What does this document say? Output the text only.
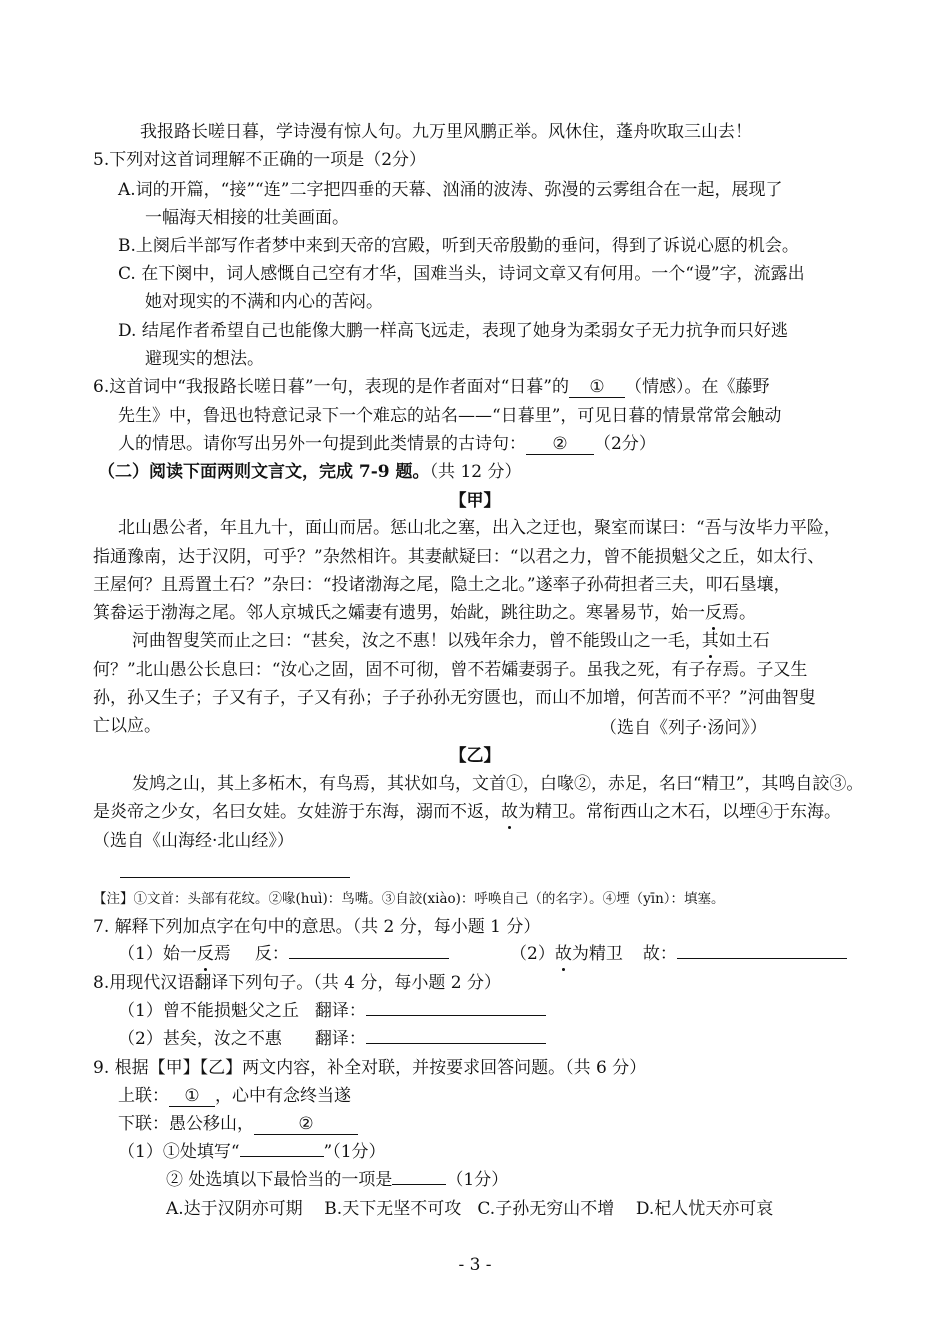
我报路长嗟日暮，学诗漫有惊人句。九万里风鹏正举。风休住，蓬舟吹取三山去！
5.下列对这首词理解不正确的一项是（2分）
A.词的开篇，“接”“连”二字把四垂的天幕、汹涌的波涛、弥漫的云雾组合在一起，展现了
一幅海天相接的壮美画面。
B.上阕后半部写作者梦中来到天帝的宫殿，听到天帝殷勤的垂问，得到了诉说心愿的机会。
C. 在下阕中，词人感慨自己空有才华，国难当头，诗词文章又有何用。一个“谩”字，流露出
她对现实的不满和内心的苦闷。
D. 结尾作者希望自己也能像大鹏一样高飞远走，表现了她身为柔弱女子无力抗争而只好逃
避现实的想法。
6.这首词中“我报路长嗟日暮”一句，表现的是作者面对“日暮”的 ① （情感）。在《藤野
先生》中，鲁迅也特意记录下一个难忘的站名——“日暮里”，可见日暮的情景常常会触动
人的情思。请你写出另外一句提到此类情景的古诗句： ② （2分）
（二）阅读下面两则文言文，完成 7-9 题。（共 12 分）
【甲】
北山愚公者，年且九十，面山而居。惩山北之塞，出入之迂也，聚室而谋曰：“吾与汝毕力平险，
指通豫南，达于汉阴，可乎？”杂然相许。其妻献疑曰：“以君之力，曾不能损魁父之丘，如太行、
王屋何？且焉置土石？”杂曰：“投诸渤海之尾，隐土之北。”遂率子孙荷担者三夫，叩石垦壤，
箕畚运于渤海之尾。邻人京城氏之孀妻有遗男，始龀，跳往助之。寒暑易节，始一反焉。
河曲智叟笑而止之曰：“甚矣，汝之不惠！以残年余力，曾不能毁山之一毛，其如土石
何？”北山愚公长息曰：“汝心之固，固不可彻，曾不若孀妻弱子。虽我之死，有子存焉。子又生
孙，孙又生子；子又有子，子又有孙；子子孙孙无穷匮也，而山不加增，何苦而不平？”河曲智叟
亡以应。	（选自《列子·汤问》）
【乙】
发鸠之山，其上多柘木，有鸟焉，其状如乌，文首①，白喙②，赤足，名曰“精卫”，其鸣自詨③。
是炎帝之少女，名曰女娃。女娃游于东海，溺而不返，故为精卫。常衔西山之木石，以堙④于东海。
（选自《山海经·北山经》）
【注】①文首：头部有花纹。②喙(huì)：鸟嘴。③自詨(xiào)：呼唤自己（的名字）。④堙（yīn）：填塞。
7. 解释下列加点字在句中的意思。（共 2 分，每小题 1 分）
（1）始一反焉 反：	（2）故为精卫 故：
8.用现代汉语翻译下列句子。（共 4 分，每小题 2 分）
（1）曾不能损魁父之丘 翻译：
（2）甚矣，汝之不惠 翻译：
9. 根据【甲】【乙】两文内容，补全对联，并按要求回答问题。（共 6 分）
上联： ① ，心中有念终当遂
下联：愚公移山，	②
（1）①处填写“	”（1分）
② 处选填以下最恰当的一项是	（1分）
A.达于汉阴亦可期    B.天下无坚不可攻   C.子孙无穷山不增    D.杞人忧天亦可哀
- 3 -
